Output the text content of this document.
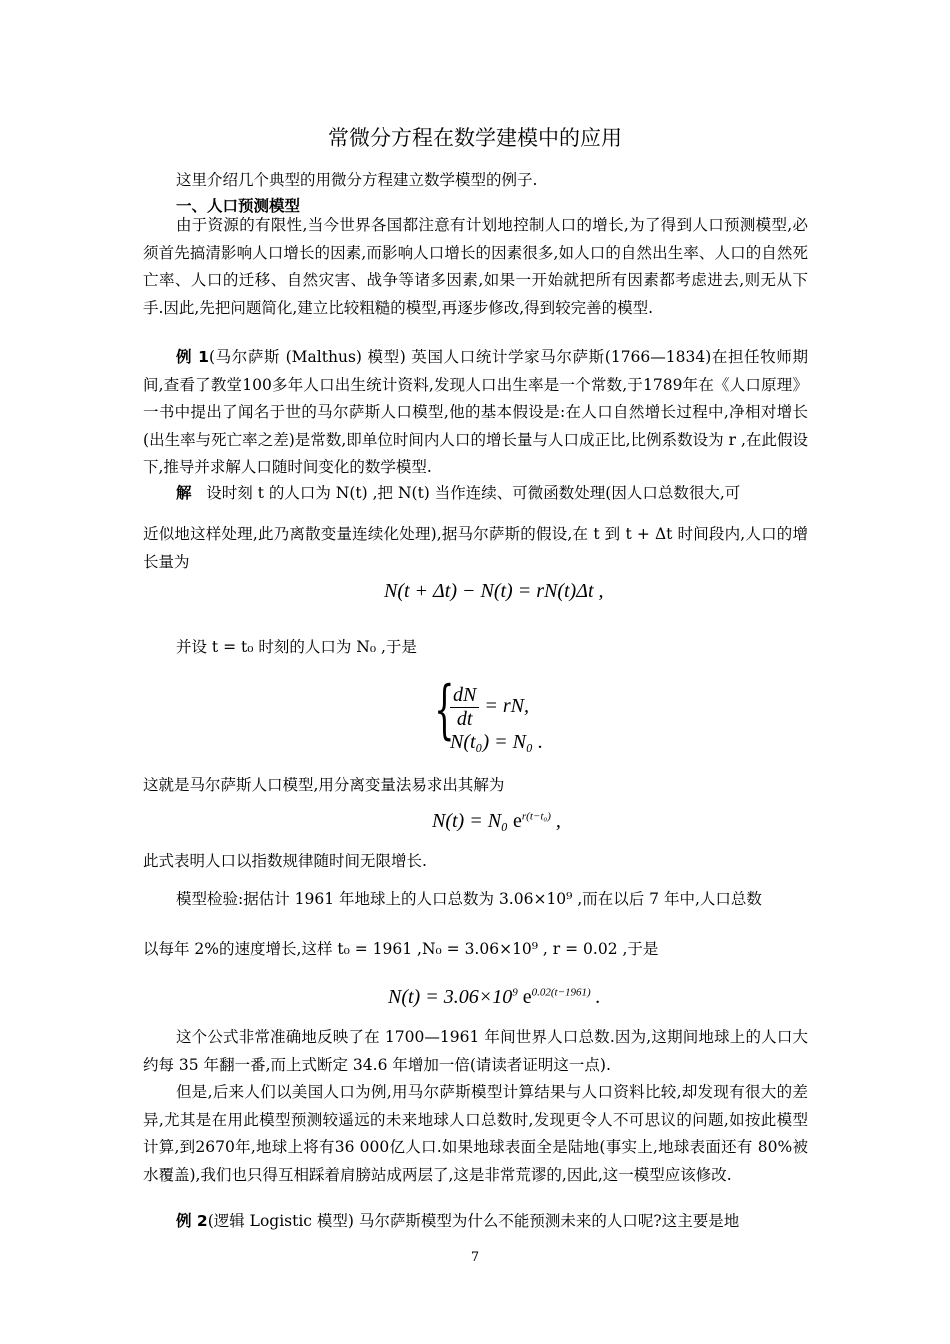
常微分方程在数学建模中的应用
这里介绍几个典型的用微分方程建立数学模型的例子.
一、人口预测模型
由于资源的有限性,当今世界各国都注意有计划地控制人口的增长,为了得到人口预测模型,必须首先搞清影响人口增长的因素,而影响人口增长的因素很多,如人口的自然出生率、人口的自然死亡率、人口的迁移、自然灾害、战争等诸多因素,如果一开始就把所有因素都考虑进去,则无从下手.因此,先把问题简化,建立比较粗糙的模型,再逐步修改,得到较完善的模型.
例 1(马尔萨斯 (Malthus) 模型) 英国人口统计学家马尔萨斯(1766—1834)在担任牧师期间,查看了教堂100多年人口出生统计资料,发现人口出生率是一个常数,于1789年在《人口原理》一书中提出了闻名于世的马尔萨斯人口模型,他的基本假设是:在人口自然增长过程中,净相对增长(出生率与死亡率之差)是常数,即单位时间内人口的增长量与人口成正比,比例系数设为 r ,在此假设下,推导并求解人口随时间变化的数学模型.
解 设时刻 t 的人口为 N(t) ,把 N(t) 当作连续、可微函数处理(因人口总数很大,可
近似地这样处理,此乃离散变量连续化处理),据马尔萨斯的假设,在 t 到 t + Δt 时间段内,人口的增长量为
N(t + Δt) − N(t) = rN(t)Δt ,
并设 t = t₀ 时刻的人口为 N₀ ,于是
{
$\frac{dN}{dt}$ = rN,
N(t₀) = N₀ .
这就是马尔萨斯人口模型,用分离变量法易求出其解为
N(t) = N₀ $e^{r(t-t_0)}$ ,
此式表明人口以指数规律随时间无限增长.
模型检验:据估计 1961 年地球上的人口总数为 3.06×10⁹ ,而在以后 7 年中,人口总数
以每年 2%的速度增长,这样 t₀ = 1961 ,N₀ = 3.06×10⁹ , r = 0.02 ,于是
$N(t) = 3.06\times 10^9$ $e^{0.02(t-1961)}$ .
这个公式非常准确地反映了在 1700—1961 年间世界人口总数.因为,这期间地球上的人口大约每 35 年翻一番,而上式断定 34.6 年增加一倍(请读者证明这一点).
但是,后来人们以美国人口为例,用马尔萨斯模型计算结果与人口资料比较,却发现有很大的差异,尤其是在用此模型预测较遥远的未来地球人口总数时,发现更令人不可思议的问题,如按此模型计算,到2670年,地球上将有36 000亿人口.如果地球表面全是陆地(事实上,地球表面还有 80%被水覆盖),我们也只得互相踩着肩膀站成两层了,这是非常荒谬的,因此,这一模型应该修改.
例 2(逻辑 Logistic 模型) 马尔萨斯模型为什么不能预测未来的人口呢?这主要是地
7
